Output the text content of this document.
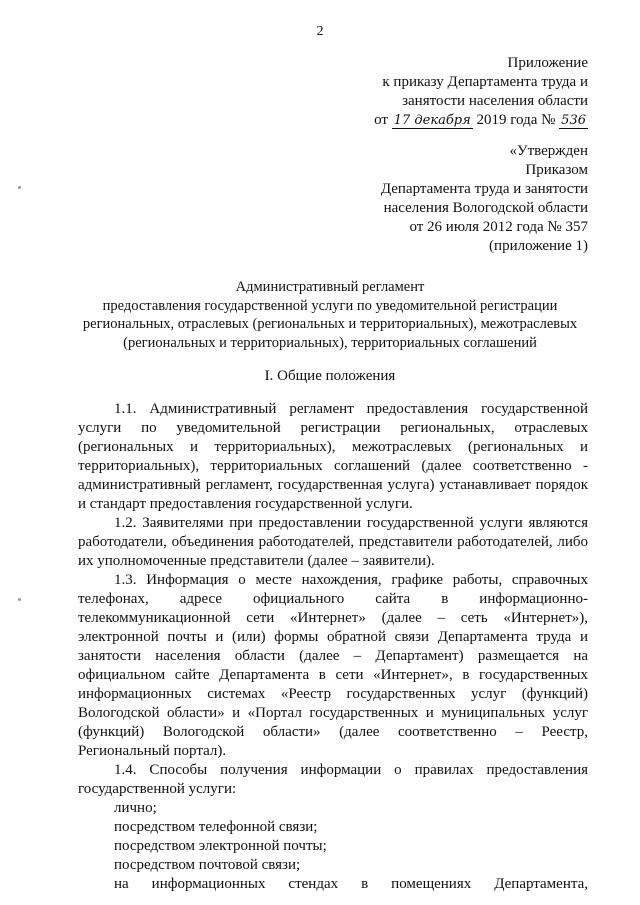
2
Приложение
к приказу Департамента труда и
занятости населения области
от 17 декабря 2019 года № 536
«Утвержден
Приказом
Департамента труда и занятости
населения Вологодской области
от 26 июля 2012 года № 357
(приложение 1)
Административный регламент
предоставления государственной услуги по уведомительной регистрации
региональных, отраслевых (региональных и территориальных), межотраслевых
(региональных и территориальных), территориальных соглашений
I. Общие положения

1.1. Административный регламент предоставления государственной услуги по уведомительной регистрации региональных, отраслевых (региональных и территориальных), межотраслевых (региональных и территориальных), территориальных соглашений (далее соответственно - административный регламент, государственная услуга) устанавливает порядок и стандарт предоставления государственной услуги.

1.2. Заявителями при предоставлении государственной услуги являются работодатели, объединения работодателей, представители работодателей, либо их уполномоченные представители (далее – заявители).

1.3. Информация о месте нахождения, графике работы, справочных телефонах, адресе официального сайта в информационно-телекоммуникационной сети «Интернет» (далее – сеть «Интернет»), электронной почты и (или) формы обратной связи Департамента труда и занятости населения области (далее – Департамент) размещается на официальном сайте Департамента в сети «Интернет», в государственных информационных системах «Реестр государственных услуг (функций) Вологодской области» и «Портал государственных и муниципальных услуг (функций) Вологодской области» (далее соответственно – Реестр, Региональный портал).

1.4. Способы получения информации о правилах предоставления государственной услуги:

лично;

посредством телефонной связи;

посредством электронной почты;

посредством почтовой связи;

на информационных стендах в помещениях Департамента,
